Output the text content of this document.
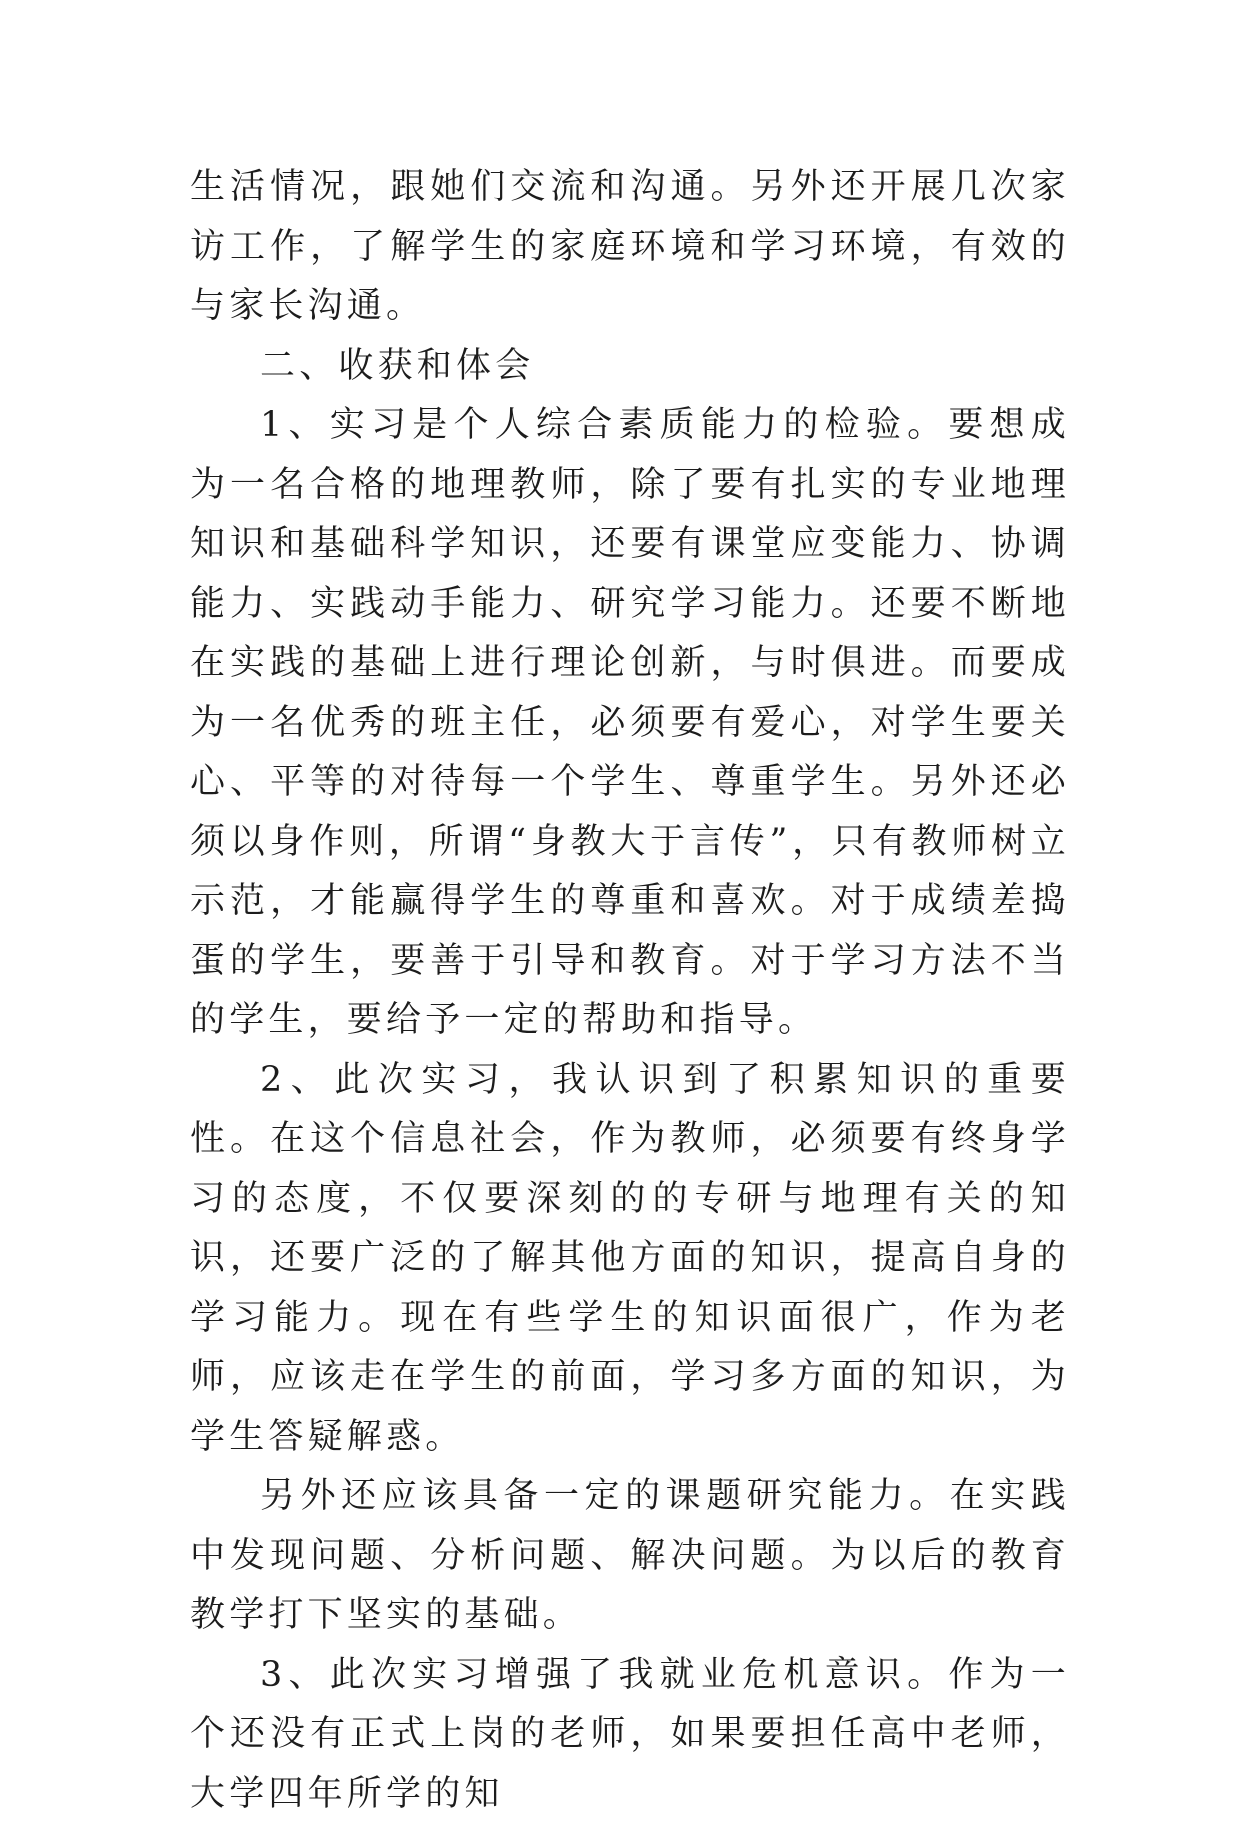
生活情况，跟她们交流和沟通。另外还开展几次家访工作，了解学生的家庭环境和学习环境，有效的与家长沟通。

二、收获和体会

1、实习是个人综合素质能力的检验。要想成为一名合格的地理教师，除了要有扎实的专业地理知识和基础科学知识，还要有课堂应变能力、协调能力、实践动手能力、研究学习能力。还要不断地在实践的基础上进行理论创新，与时俱进。而要成为一名优秀的班主任，必须要有爱心，对学生要关心、平等的对待每一个学生、尊重学生。另外还必须以身作则，所谓“身教大于言传”，只有教师树立示范，才能赢得学生的尊重和喜欢。对于成绩差捣蛋的学生，要善于引导和教育。对于学习方法不当的学生，要给予一定的帮助和指导。

2、此次实习，我认识到了积累知识的重要性。在这个信息社会，作为教师，必须要有终身学习的态度，不仅要深刻的的专研与地理有关的知识，还要广泛的了解其他方面的知识，提高自身的学习能力。现在有些学生的知识面很广，作为老师，应该走在学生的前面，学习多方面的知识，为学生答疑解惑。

另外还应该具备一定的课题研究能力。在实践中发现问题、分析问题、解决问题。为以后的教育教学打下坚实的基础。

3、此次实习增强了我就业危机意识。作为一个还没有正式上岗的老师，如果要担任高中老师，大学四年所学的知
